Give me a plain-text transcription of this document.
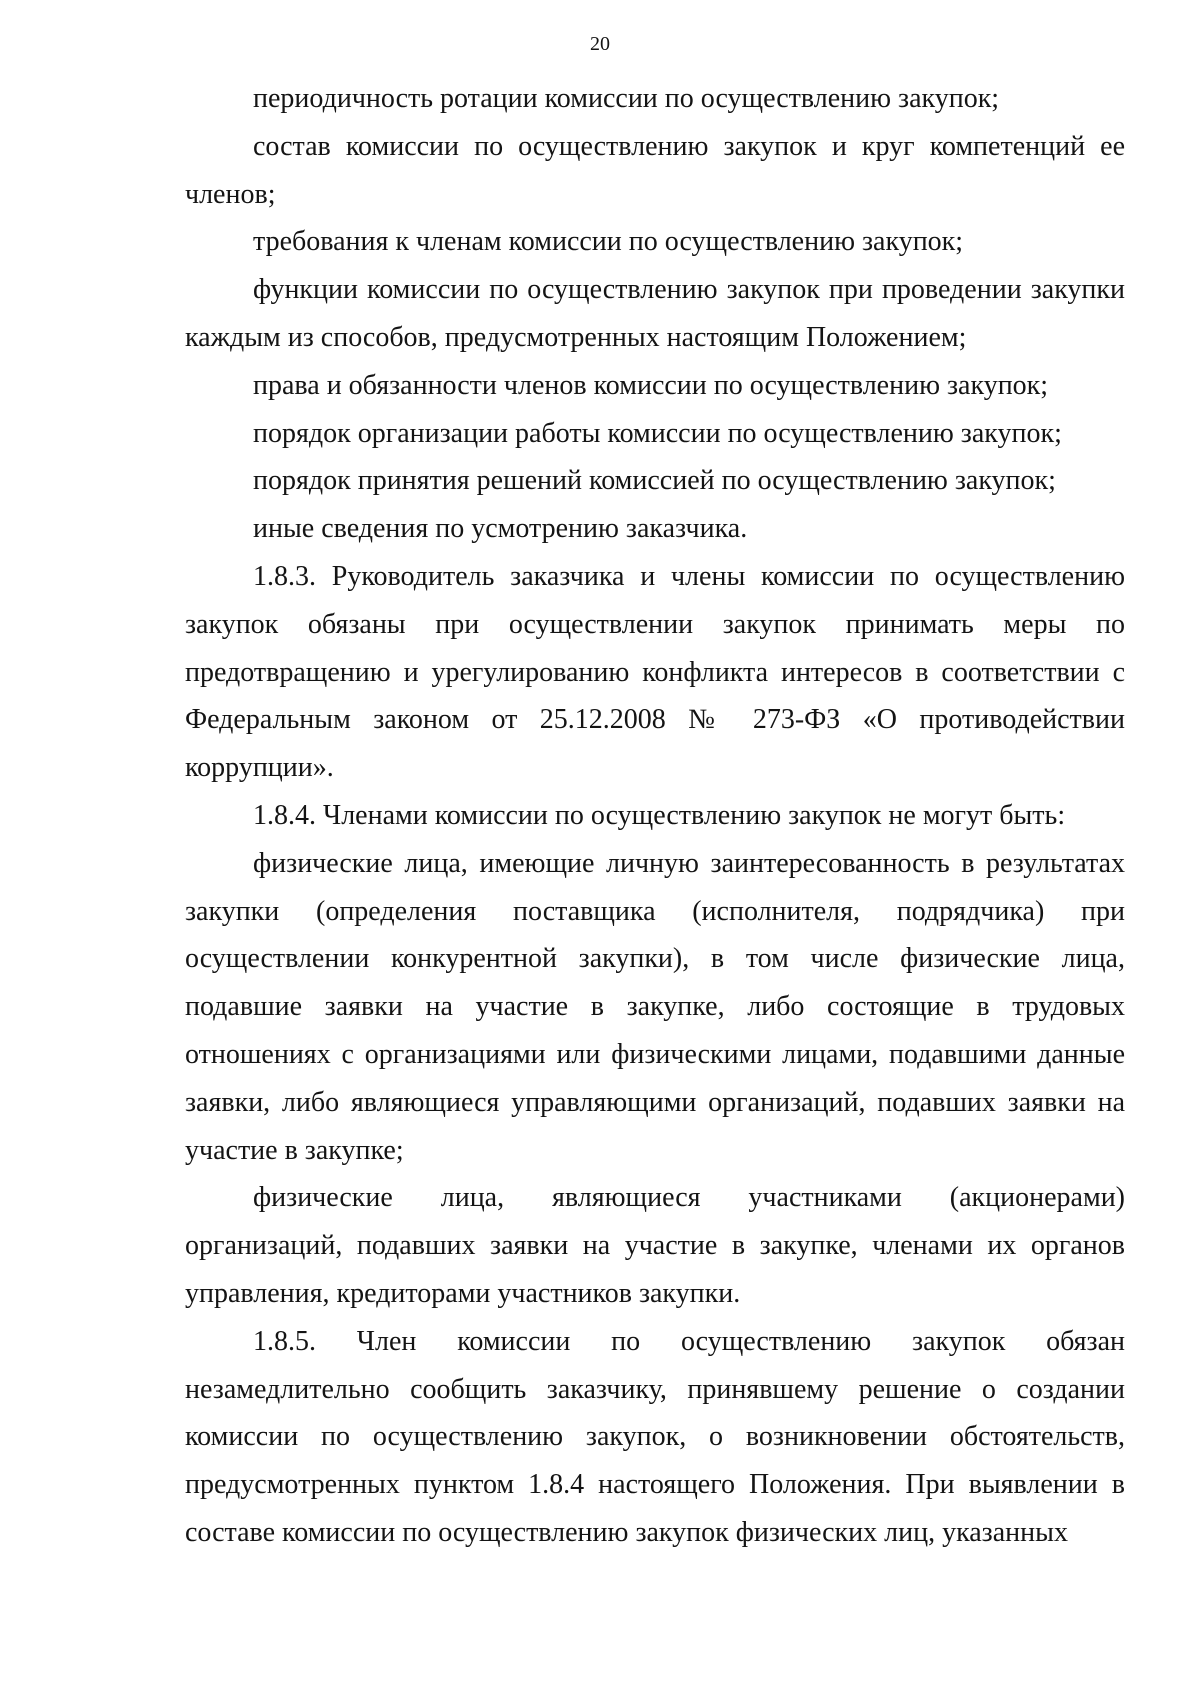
20

периодичность ротации комиссии по осуществлению закупок;

состав комиссии по осуществлению закупок и круг компетенций ее членов;

требования к членам комиссии по осуществлению закупок;

функции комиссии по осуществлению закупок при проведении закупки каждым из способов, предусмотренных настоящим Положением;

права и обязанности членов комиссии по осуществлению закупок;

порядок организации работы комиссии по осуществлению закупок;

порядок принятия решений комиссией по осуществлению закупок;

иные сведения по усмотрению заказчика.

1.8.3. Руководитель заказчика и члены комиссии по осуществлению закупок обязаны при осуществлении закупок принимать меры по предотвращению и урегулированию конфликта интересов в соответствии с Федеральным законом от 25.12.2008 № 273-ФЗ «О противодействии коррупции».

1.8.4. Членами комиссии по осуществлению закупок не могут быть:

физические лица, имеющие личную заинтересованность в результатах закупки (определения поставщика (исполнителя, подрядчика) при осуществлении конкурентной закупки), в том числе физические лица, подавшие заявки на участие в закупке, либо состоящие в трудовых отношениях с организациями или физическими лицами, подавшими данные заявки, либо являющиеся управляющими организаций, подавших заявки на участие в закупке;

физические лица, являющиеся участниками (акционерами) организаций, подавших заявки на участие в закупке, членами их органов управления, кредиторами участников закупки.

1.8.5. Член комиссии по осуществлению закупок обязан незамедлительно сообщить заказчику, принявшему решение о создании комиссии по осуществлению закупок, о возникновении обстоятельств, предусмотренных пунктом 1.8.4 настоящего Положения. При выявлении в составе комиссии по осуществлению закупок физических лиц, указанных
